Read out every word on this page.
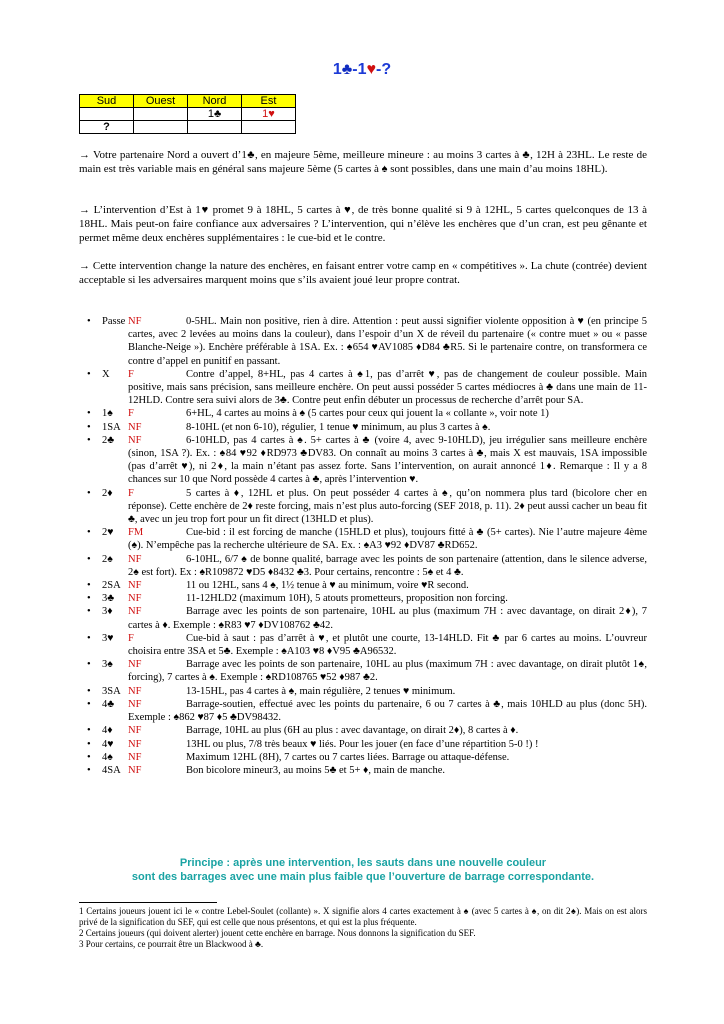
1♣-1♥-?
Sud	Ouest	Nord	Est
		1♣	1♥
?			

→ Votre partenaire Nord a ouvert d’1♣, en majeure 5ème, meilleure mineure : au moins 3 cartes à ♣, 12H à 23HL. Le reste de main est très variable mais en général sans majeure 5ème (5 cartes à ♠ sont possibles, dans une main d’au moins 18HL).

→ L’intervention d’Est à 1♥ promet 9 à 18HL, 5 cartes à ♥, de très bonne qualité si 9 à 12HL, 5 cartes quelconques de 13 à 18HL. Mais peut-on faire confiance aux adversaires ? L’intervention, qui n’élève les enchères que d’un cran, est peu gênante et permet même deux enchères supplémentaires : le cue-bid et le contre.

→ Cette intervention change la nature des enchères, en faisant entrer votre camp en « compétitives ». La chute (contrée) devient acceptable si les adversaires marquent moins que s’ils avaient joué leur propre contrat.

•	Passe NF	0-5HL. Main non positive, rien à dire. Attention : peut aussi signifier violente opposition à ♥ (en principe 5 cartes, avec 2 levées au moins dans la couleur), dans l’espoir d’un X de réveil du partenaire (« contre muet » ou « passe Blanche-Neige »). Enchère préférable à 1SA. Ex. : ♠654 ♥AV1085 ♦D84 ♣R5. Si le partenaire contre, on transformera ce contre d’appel en punitif en passant.
•	X	F	Contre d’appel, 8+HL, pas 4 cartes à ♠1, pas d’arrêt ♥, pas de changement de couleur possible. Main positive, mais sans précision, sans meilleure enchère. On peut aussi posséder 5 cartes médiocres à ♣ dans une main de 11-12HLD. Contre sera suivi alors de 3♣. Contre peut enfin débuter un processus de recherche d’arrêt pour SA.
•	1♠	F	6+HL, 4 cartes au moins à ♠ (5 cartes pour ceux qui jouent la « collante », voir note 1)
•	1SA NF	8-10HL (et non 6-10), régulier, 1 tenue ♥ minimum, au plus 3 cartes à ♠.
•	2♣	NF	6-10HLD, pas 4 cartes à ♠. 5+ cartes à ♣ (voire 4, avec 9-10HLD), jeu irrégulier sans meilleure enchère (sinon, 1SA ?). Ex. : ♠84 ♥92 ♦RD973 ♣DV83. On connaît au moins 3 cartes à ♣, mais X est mauvais, 1SA impossible (pas d’arrêt ♥), ni 2♦, la main n’étant pas assez forte. Sans l’intervention, on aurait annoncé 1♦. Remarque : Il y a 8 chances sur 10 que Nord possède 4 cartes à ♣, après l’intervention ♥.
•	2♦	F	5 cartes à ♦, 12HL et plus. On peut posséder 4 cartes à ♠, qu’on nommera plus tard (bicolore cher en réponse). Cette enchère de 2♦ reste forcing, mais n’est plus auto-forcing (SEF 2018, p. 11). 2♦ peut aussi cacher un beau fit ♣, avec un jeu trop fort pour un fit direct (13HLD et plus).
•	2♥	FM	Cue-bid : il est forcing de manche (15HLD et plus), toujours fitté à ♣ (5+ cartes). Nie l’autre majeure 4ème (♠). N’empêche pas la recherche ultérieure de SA. Ex. : ♠A3 ♥92 ♦DV87 ♣RD652.
•	2♠	NF	6-10HL, 6/7 ♠ de bonne qualité, barrage avec les points de son partenaire (attention, dans le silence adverse, 2♠ est fort). Ex : ♠R109872 ♥D5 ♦8432 ♣3. Pour certains, rencontre : 5♠ et 4 ♣.
•	2SA NF	11 ou 12HL, sans 4 ♠, 1½ tenue à ♥ au minimum, voire ♥R second.
•	3♣	NF	11-12HLD2 (maximum 10H), 5 atouts prometteurs, proposition non forcing.
•	3♦	NF	Barrage avec les points de son partenaire, 10HL au plus (maximum 7H : avec davantage, on dirait 2♦), 7 cartes à ♦. Exemple : ♠R83 ♥7 ♦DV108762 ♣42.
•	3♥	F	Cue-bid à saut : pas d’arrêt à ♥, et plutôt une courte, 13-14HLD. Fit ♣ par 6 cartes au moins. L’ouvreur choisira entre 3SA et 5♣. Exemple : ♠A103 ♥8 ♦V95 ♣A96532.
•	3♠	NF	Barrage avec les points de son partenaire, 10HL au plus (maximum 7H : avec davantage, on dirait plutôt 1♠, forcing), 7 cartes à ♠. Exemple : ♠RD108765 ♥52 ♦987 ♣2.
•	3SA NF	13-15HL, pas 4 cartes à ♠, main régulière, 2 tenues ♥ minimum.
•	4♣	NF	Barrage-soutien, effectué avec les points du partenaire, 6 ou 7 cartes à ♣, mais 10HLD au plus (donc 5H). Exemple : ♠862 ♥87 ♦5 ♣DV98432.
•	4♦	NF	Barrage, 10HL au plus (6H au plus : avec davantage, on dirait 2♦), 8 cartes à ♦.
•	4♥	NF	13HL ou plus, 7/8 très beaux ♥ liés. Pour les jouer (en face d’une répartition 5-0 !) !
•	4♠	NF	Maximum 12HL (8H), 7 cartes ou 7 cartes liées. Barrage ou attaque-défense.
•	4SA NF	Bon bicolore mineur3, au moins 5♣ et 5+ ♦, main de manche.
Principe : après une intervention, les sauts dans une nouvelle couleur
sont des barrages avec une main plus faible que l’ouverture de barrage correspondante.
1 Certains joueurs jouent ici le « contre Lebel-Soulet (collante) ». X signifie alors 4 cartes exactement à ♠ (avec 5 cartes à ♠, on dit 2♠). Mais on est alors privé de la signification du SEF, qui est celle que nous présentons, et qui est la plus fréquente.
2 Certains joueurs (qui doivent alerter) jouent cette enchère en barrage. Nous donnons la signification du SEF.
3 Pour certains, ce pourrait être un Blackwood à ♣.
